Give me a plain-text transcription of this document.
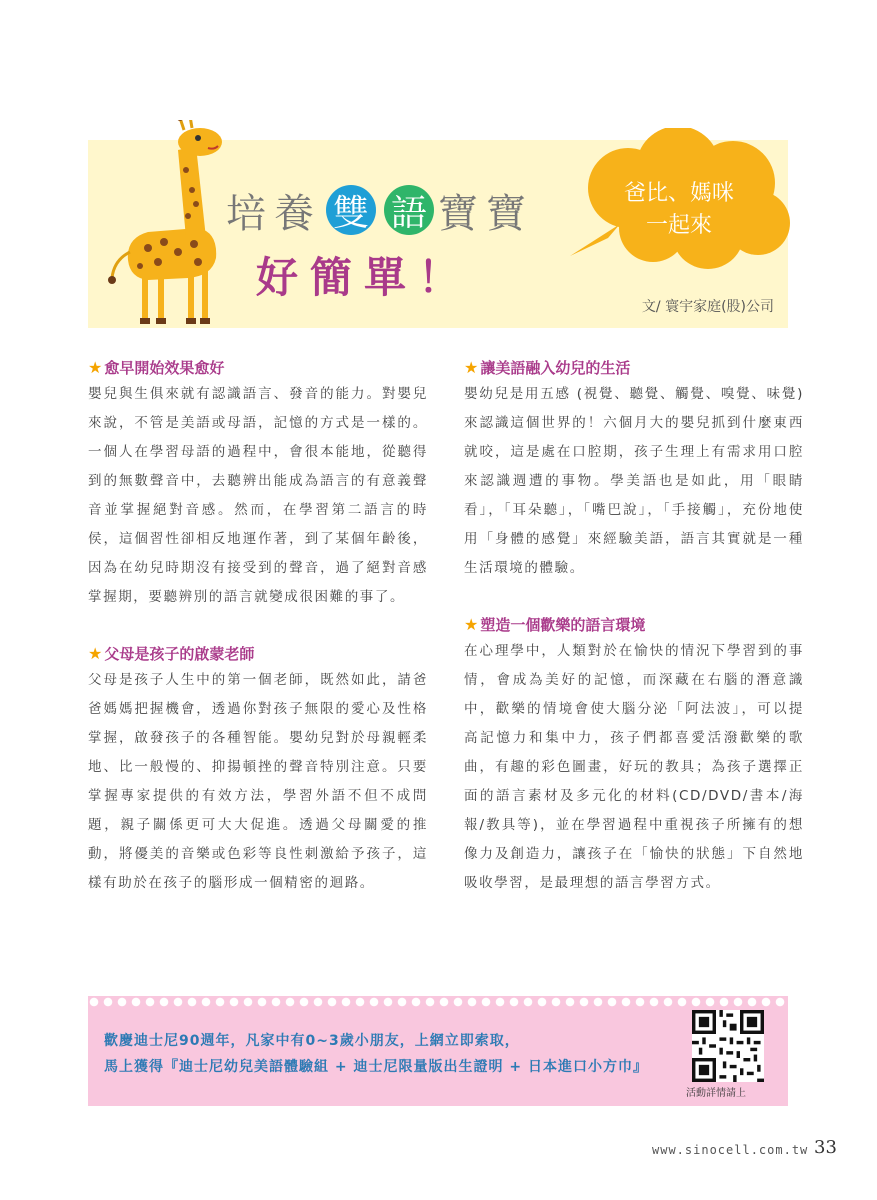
培 養 雙 語 寶 寶
好簡單！
爸比、媽咪
一起來
文/ 寰宇家庭(股)公司
★ 愈早開始效果愈好

嬰兒與生俱來就有認識語言、發音的能力。對嬰兒來說，不管是美語或母語，記憶的方式是一樣的。一個人在學習母語的過程中，會很本能地，從聽得到的無數聲音中，去聽辨出能成為語言的有意義聲音並掌握絕對音感。然而，在學習第二語言的時侯，這個習性卻相反地運作著，到了某個年齡後，因為在幼兒時期沒有接受到的聲音，過了絕對音感掌握期，要聽辨別的語言就變成很困難的事了。

★ 父母是孩子的啟蒙老師

父母是孩子人生中的第一個老師，既然如此，請爸爸媽媽把握機會，透過你對孩子無限的愛心及性格掌握，啟發孩子的各種智能。嬰幼兒對於母親輕柔地、比一般慢的、抑揚頓挫的聲音特別注意。只要掌握專家提供的有效方法，學習外語不但不成問題，親子關係更可大大促進。透過父母關愛的推動，將優美的音樂或色彩等良性刺激給予孩子，這樣有助於在孩子的腦形成一個精密的迴路。

★ 讓美語融入幼兒的生活

嬰幼兒是用五感 (視覺、聽覺、觸覺、嗅覺、味覺)來認識這個世界的！六個月大的嬰兒抓到什麼東西就咬，這是處在口腔期，孩子生理上有需求用口腔來認識週遭的事物。學美語也是如此，用「眼睛看」，「耳朵聽」，「嘴巴說」，「手接觸」，充份地使用「身體的感覺」來經驗美語，語言其實就是一種生活環境的體驗。

★ 塑造一個歡樂的語言環境

在心理學中，人類對於在愉快的情況下學習到的事情，會成為美好的記憶，而深藏在右腦的潛意識中，歡樂的情境會使大腦分泌「阿法波」，可以提高記憶力和集中力，孩子們都喜愛活潑歡樂的歌曲，有趣的彩色圖畫，好玩的教具；為孩子選擇正面的語言素材及多元化的材料(CD/DVD/書本/海報/教具等)，並在學習過程中重視孩子所擁有的想像力及創造力，讓孩子在「愉快的狀態」下自然地吸收學習，是最理想的語言學習方式。

歡慶迪士尼90週年，凡家中有0~3歲小朋友，上網立即索取，
馬上獲得『迪士尼幼兒美語體驗組 + 迪士尼限量版出生證明 + 日本進口小方巾』
活動詳情請上
www.sinocell.com.tw 33
